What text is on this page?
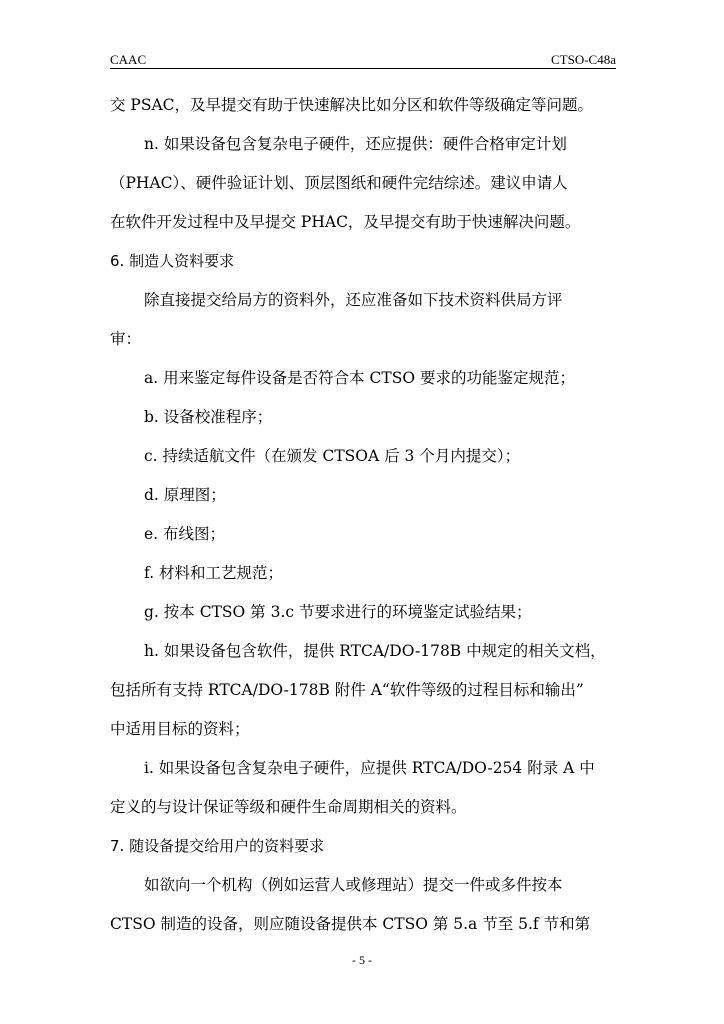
CAAC	CTSO-C48a

交 PSAC，及早提交有助于快速解决比如分区和软件等级确定等问题。

n. 如果设备包含复杂电子硬件，还应提供：硬件合格审定计划

（PHAC）、硬件验证计划、顶层图纸和硬件完结综述。建议申请人

在软件开发过程中及早提交 PHAC，及早提交有助于快速解决问题。

6. 制造人资料要求

除直接提交给局方的资料外，还应准备如下技术资料供局方评

审：

a. 用来鉴定每件设备是否符合本 CTSO 要求的功能鉴定规范；

b. 设备校准程序；

c. 持续适航文件（在颁发 CTSOA 后 3 个月内提交）；

d. 原理图；

e. 布线图；

f. 材料和工艺规范；

g. 按本 CTSO 第 3.c 节要求进行的环境鉴定试验结果；

h. 如果设备包含软件，提供 RTCA/DO-178B 中规定的相关文档，

包括所有支持 RTCA/DO-178B 附件 A“软件等级的过程目标和输出”

中适用目标的资料；

i. 如果设备包含复杂电子硬件，应提供 RTCA/DO-254 附录 A 中

定义的与设计保证等级和硬件生命周期相关的资料。

7. 随设备提交给用户的资料要求

如欲向一个机构（例如运营人或修理站）提交一件或多件按本

CTSO 制造的设备，则应随设备提供本 CTSO 第 5.a 节至 5.f 节和第

- 5 -
